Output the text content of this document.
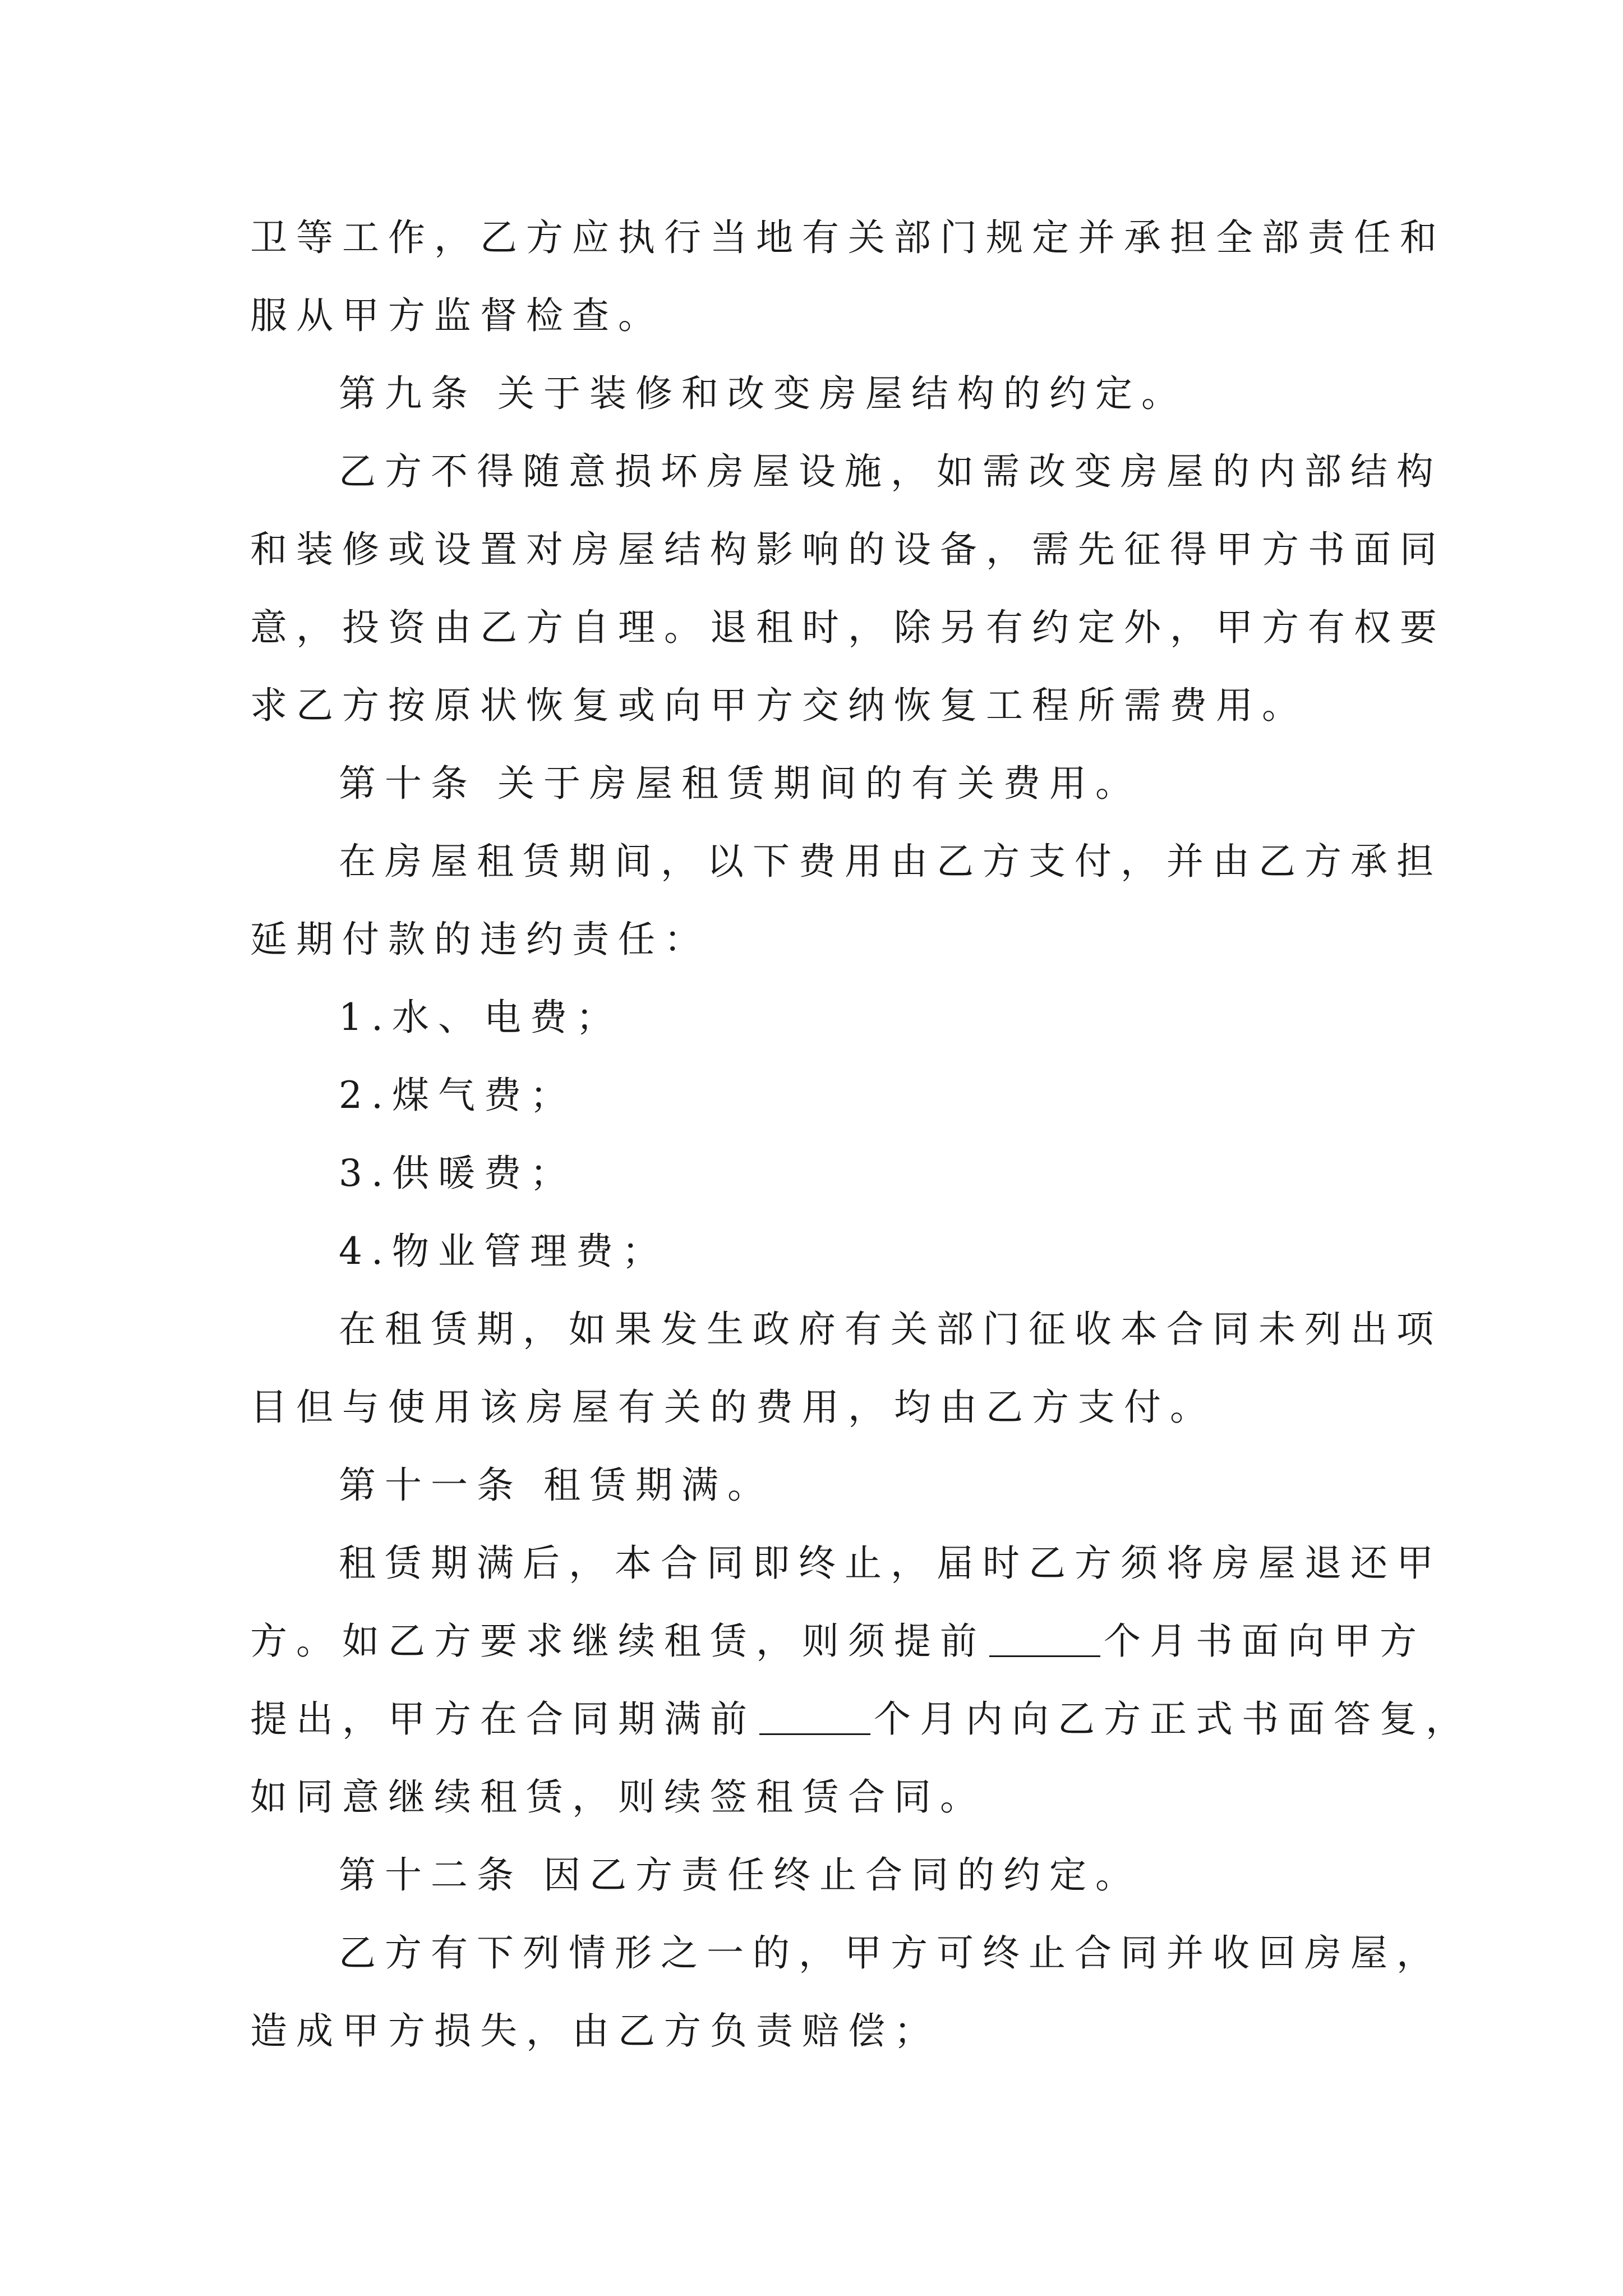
卫等工作，乙方应执行当地有关部门规定并承担全部责任和
服从甲方监督检查。
第九条 关于装修和改变房屋结构的约定。
乙方不得随意损坏房屋设施，如需改变房屋的内部结构
和装修或设置对房屋结构影响的设备，需先征得甲方书面同
意，投资由乙方自理。退租时，除另有约定外，甲方有权要
求乙方按原状恢复或向甲方交纳恢复工程所需费用。
第十条 关于房屋租赁期间的有关费用。
在房屋租赁期间，以下费用由乙方支付，并由乙方承担
延期付款的违约责任：
1.水、电费；
2.煤气费；
3.供暖费；
4.物业管理费；
在租赁期，如果发生政府有关部门征收本合同未列出项
目但与使用该房屋有关的费用，均由乙方支付。
第十一条 租赁期满。
租赁期满后，本合同即终止，届时乙方须将房屋退还甲
方。如乙方要求继续租赁，则须提前	个月书面向甲方
提出，甲方在合同期满前	个月内向乙方正式书面答复，
如同意继续租赁，则续签租赁合同。
第十二条 因乙方责任终止合同的约定。
乙方有下列情形之一的，甲方可终止合同并收回房屋，
造成甲方损失，由乙方负责赔偿；
